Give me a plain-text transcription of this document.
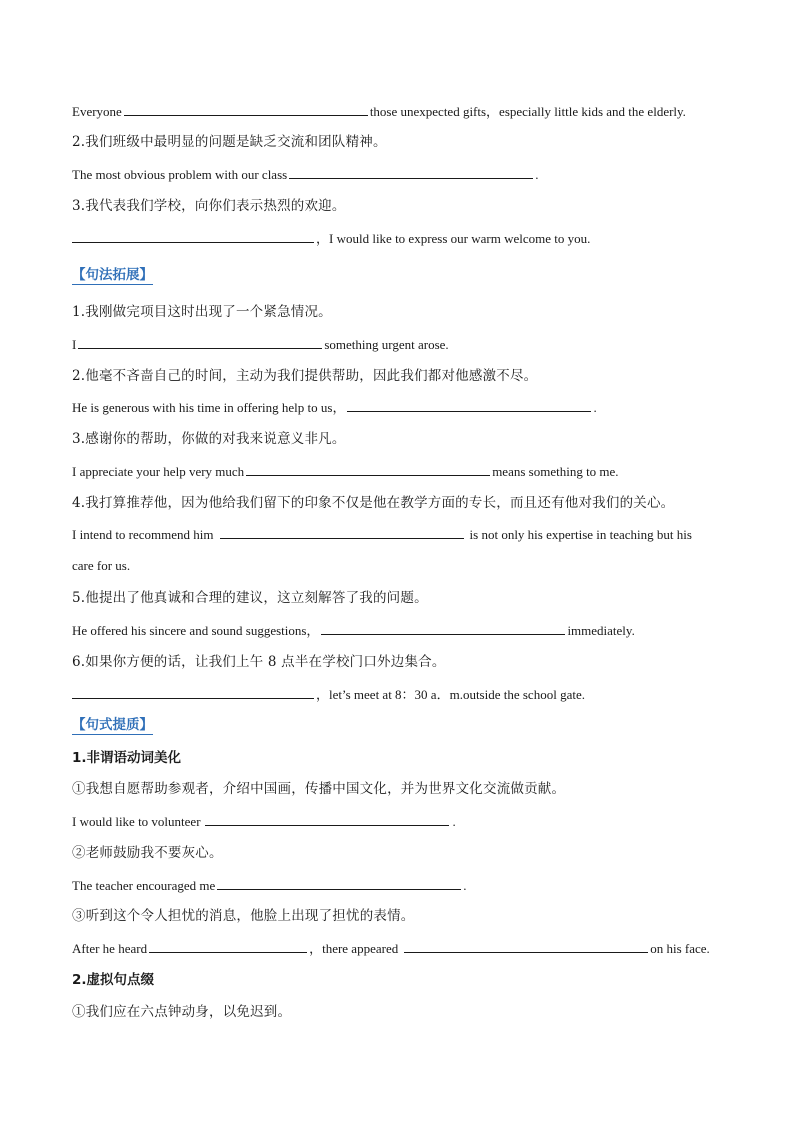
Everyone	those unexpected gifts，especially little kids and the elderly.
2.我们班级中最明显的问题是缺乏交流和团队精神。
The most obvious problem with our class	.
3.我代表我们学校，向你们表示热烈的欢迎。
，I would like to express our warm welcome to you.
【句法拓展】
1.我刚做完项目这时出现了一个紧急情况。
I	something urgent arose.
2.他毫不吝啬自己的时间，主动为我们提供帮助，因此我们都对他感激不尽。
He is generous with his time in offering help to us，	.
3.感谢你的帮助，你做的对我来说意义非凡。
I appreciate your help very much	means something to me.
4.我打算推荐他，因为他给我们留下的印象不仅是他在教学方面的专长，而且还有他对我们的关心。
I intend to recommend him	is not only his expertise in teaching but his
care for us.
5.他提出了他真诚和合理的建议，这立刻解答了我的问题。
He offered his sincere and sound suggestions，	immediately.
6.如果你方便的话，让我们上午 8 点半在学校门口外边集合。
，let’s meet at 8：30 a．m.outside the school gate.
【句式提质】
1.非谓语动词美化
①我想自愿帮助参观者，介绍中国画，传播中国文化，并为世界文化交流做贡献。
I would like to volunteer	.
②老师鼓励我不要灰心。
The teacher encouraged me	.
③听到这个令人担忧的消息，他脸上出现了担忧的表情。
After he heard	，there appeared	on his face.
2.虚拟句点缀
①我们应在六点钟动身，以免迟到。
